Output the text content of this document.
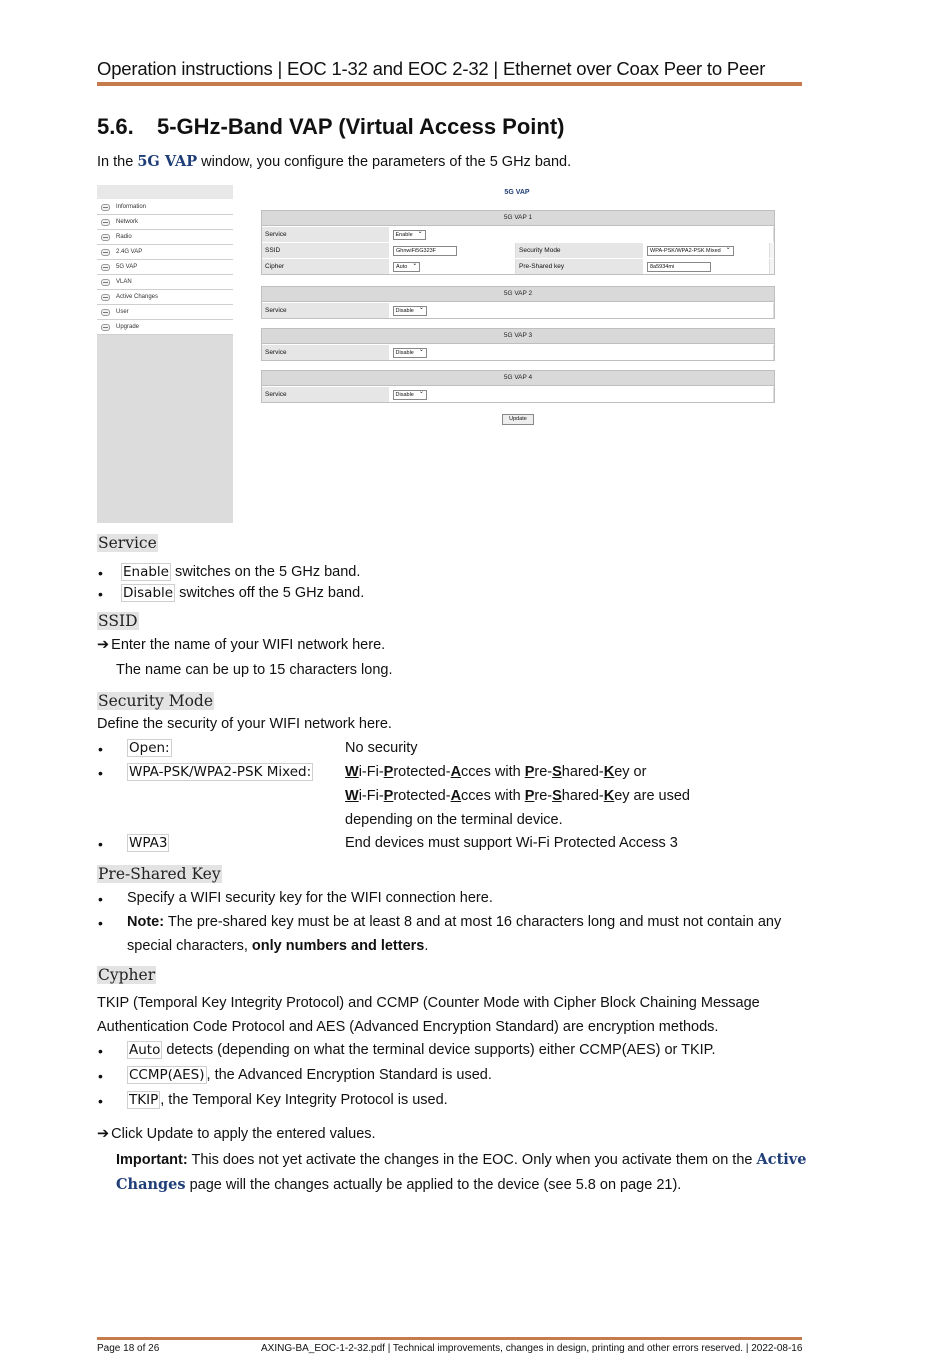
Operation instructions | EOC 1-32 and EOC 2-32 | Ethernet over Coax Peer to Peer
5.6. 5-GHz-Band VAP (Virtual Access Point)
In the 5G VAP window, you configure the parameters of the 5 GHz band.
Information
Network
Radio
2.4G VAP
5G VAP
VLAN
Active Changes
User
Upgrade
5G VAP
5G VAP 1
Service	Enable ⌄
SSID	GhnwiFi5G323F	Security Mode	WPA-PSK/WPA2-PSK Mixed ⌄
Cipher	Auto ⌄	Pre-Shared key	8a5934mi
5G VAP 2
Service	Disable ⌄
5G VAP 3
Service	Disable ⌄
5G VAP 4
Service	Disable ⌄
Update
Service
• Enable switches on the 5 GHz band.
• Disable switches off the 5 GHz band.
SSID
➔ Enter the name of your WIFI network here.
The name can be up to 15 characters long.
Security Mode
Define the security of your WIFI network here.
• Open:	No security
• WPA-PSK/WPA2-PSK Mixed: Wi-Fi-Protected-Acces with Pre-Shared-Key or
Wi-Fi-Protected-Acces with Pre-Shared-Key are used
depending on the terminal device.
• WPA3	End devices must support Wi-Fi Protected Access 3
Pre-Shared Key
• Specify a WIFI security key for the WIFI connection here.
• Note: The pre-shared key must be at least 8 and at most 16 characters long and must not contain any
special characters, only numbers and letters.
Cypher
TKIP (Temporal Key Integrity Protocol) and CCMP (Counter Mode with Cipher Block Chaining Message
Authentication Code Protocol and AES (Advanced Encryption Standard) are encryption methods.
• Auto detects (depending on what the terminal device supports) either CCMP(AES) or TKIP.
• CCMP(AES) , the Advanced Encryption Standard is used.
• TKIP , the Temporal Key Integrity Protocol is used.
➔ Click Update to apply the entered values.
Important: This does not yet activate the changes in the EOC. Only when you activate them on the Active
Changes page will the changes actually be applied to the device (see 5.8 on page 21).
Page 18 of 26	AXING-BA_EOC-1-2-32.pdf | Technical improvements, changes in design, printing and other errors reserved. | 2022-08-16
